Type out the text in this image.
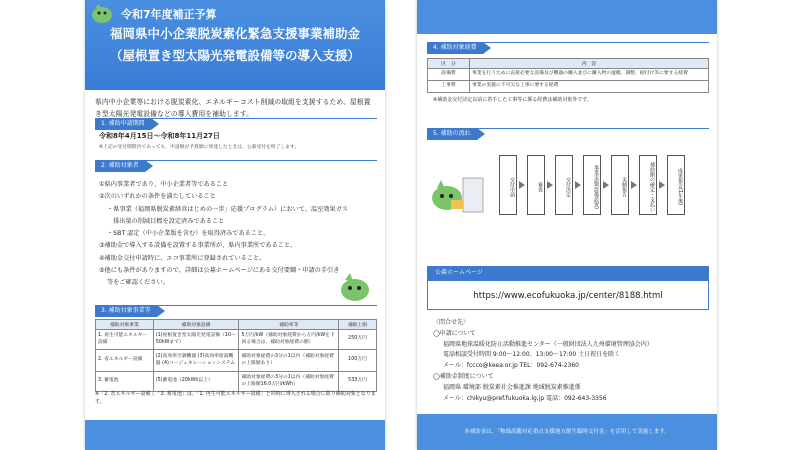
令和7年度補正予算
福岡県中小企業脱炭素化緊急支援事業補助金
（屋根置き型太陽光発電設備等の導入支援）
県内中小企業等における脱炭素化、エネルギーコスト削減の取組を支援するため、屋根置き型太陽光発電設備などの導入費用を補助します。
1. 補助申請期間
令和8年4月15日～令和8年11月27日
※上記の受付期間内であっても、申請額が予算額に到達したときは、公募受付を終了します。
2. 補助対象者
①県内事業者であり、中小企業者等であること
②次のいずれかの条件を満たしていること
・県事業（福岡県脱炭素経営はじめの一歩」応援プログラム）において、温室効果ガス
排出量の削減目標を設定済みであること
・SBT 認定（中小企業版を含む）を取得済みであること。
③補助金で導入する設備を設置する事業所が、県内事業所であること。
④補助金交付申請時に、エコ事業所に登録されていること。
⑤他にも条件がありますので、詳細は公募ホームページにある交付要綱・申請の手引き
等をご確認ください。
3. 補助対象事業等
補助対象事業	補助対象設備	補助率等	補助上限
1. 再生可能エネルギー設備	(1)屋根置き型太陽光発電設備（10～50kWまで）	5万円/kW（補助対象経費から万円/kWを下回る場合は、補助対象経費の額）	250万円
2. 省エネルギー設備	(2)高効率空調機器 (3)高効率給湯機器 (4)コージェネレーションシステム	補助対象経費の3分の1以内（補助対象経費の上限額あり）	100万円
3. 蓄電池	(5)蓄電池（20kWh以上）	補助対象経費の3分の1以内（補助対象経費の上限額16.0万円/kWh）	533万円
※「2. 省エネルギー設備」、「3. 蓄電池」は、「1. 再生可能エネルギー設備」と同時に導入される場合に限り補助対象となります。
4. 補助対象経費
区　分	内　容
設備費	事業を行うために直接必要な設備及び機器の購入並びに購入物の運搬、調整、据付け等に要する経費
工事費	事業の実施に不可欠な工事に要する経費
※補助金交付決定以前に着手した工事等に係る経費は補助対象外です。
5. 補助の流れ
交付申請	審査	交付決定	事業実施(設備設置)	実績報告	補助額の確定・支払い	成果報告(1年後)
公募ホームページ
https://www.ecofukuoka.jp/center/8188.html
〈問合せ先〉
◯申請について
福岡県地球温暖化防止活動推進センター（一般財団法人九州環境管理協会内）
電話相談受付時間 9:00～12:00、13:00～17:00 土日祝日を除く
メール：fccco@keea.or.jp TEL：092-674-2360
◯補助金制度について
福岡県 環境部 脱炭素社会推進課 地域脱炭素推進係
メール：chikyu@pref.fukuoka.lg.jp 電話：092-643-3356
本補助金は、「物価高騰対応重点支援地方創生臨時交付金」を活用して実施します。
